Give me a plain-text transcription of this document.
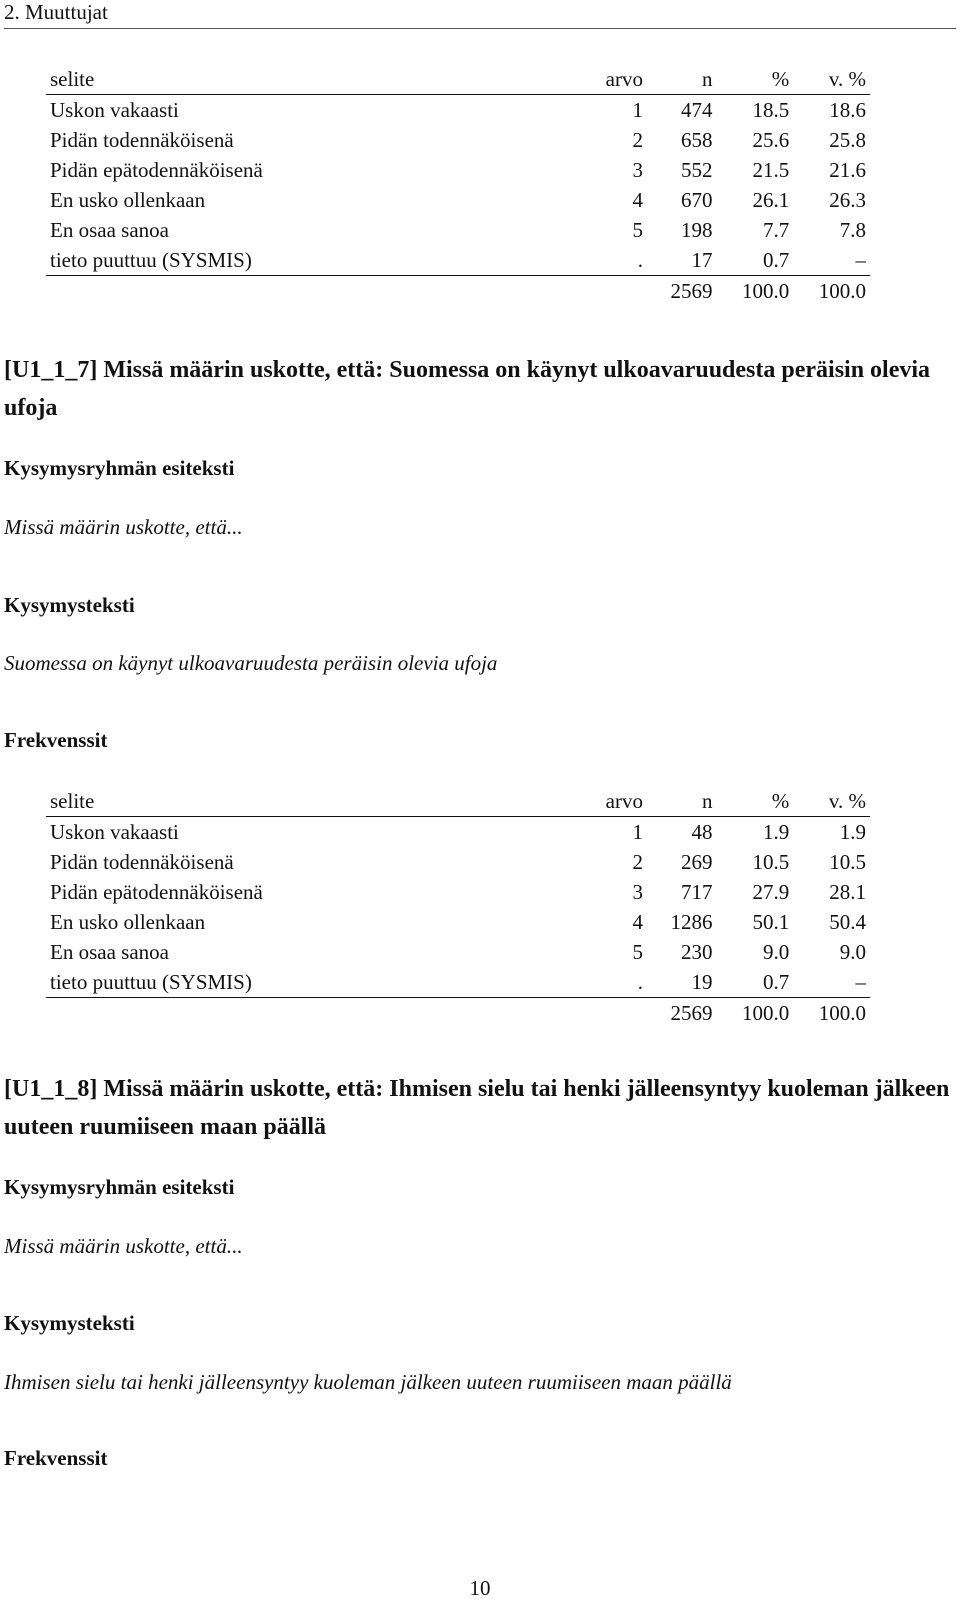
2. Muuttujat
selite	arvo	n	%	v. %
Uskon vakaasti	1	474	18.5	18.6
Pidän todennäköisenä	2	658	25.6	25.8
Pidän epätodennäköisenä	3	552	21.5	21.6
En usko ollenkaan	4	670	26.1	26.3
En osaa sanoa	5	198	7.7	7.8
tieto puuttuu (SYSMIS)	.	17	0.7	–
		2569	100.0	100.0
[U1_1_7] Missä määrin uskotte, että: Suomessa on käynyt ulkoavaruudesta peräisin olevia ufoja
Kysymysryhmän esiteksti

Missä määrin uskotte, että...

Kysymysteksti

Suomessa on käynyt ulkoavaruudesta peräisin olevia ufoja

Frekvenssit
selite	arvo	n	%	v. %
Uskon vakaasti	1	48	1.9	1.9
Pidän todennäköisenä	2	269	10.5	10.5
Pidän epätodennäköisenä	3	717	27.9	28.1
En usko ollenkaan	4	1286	50.1	50.4
En osaa sanoa	5	230	9.0	9.0
tieto puuttuu (SYSMIS)	.	19	0.7	–
		2569	100.0	100.0
[U1_1_8] Missä määrin uskotte, että: Ihmisen sielu tai henki jälleensyntyy kuoleman jälkeen uuteen ruumiiseen maan päällä
Kysymysryhmän esiteksti

Missä määrin uskotte, että...

Kysymysteksti

Ihmisen sielu tai henki jälleensyntyy kuoleman jälkeen uuteen ruumiiseen maan päällä

Frekvenssit
10
